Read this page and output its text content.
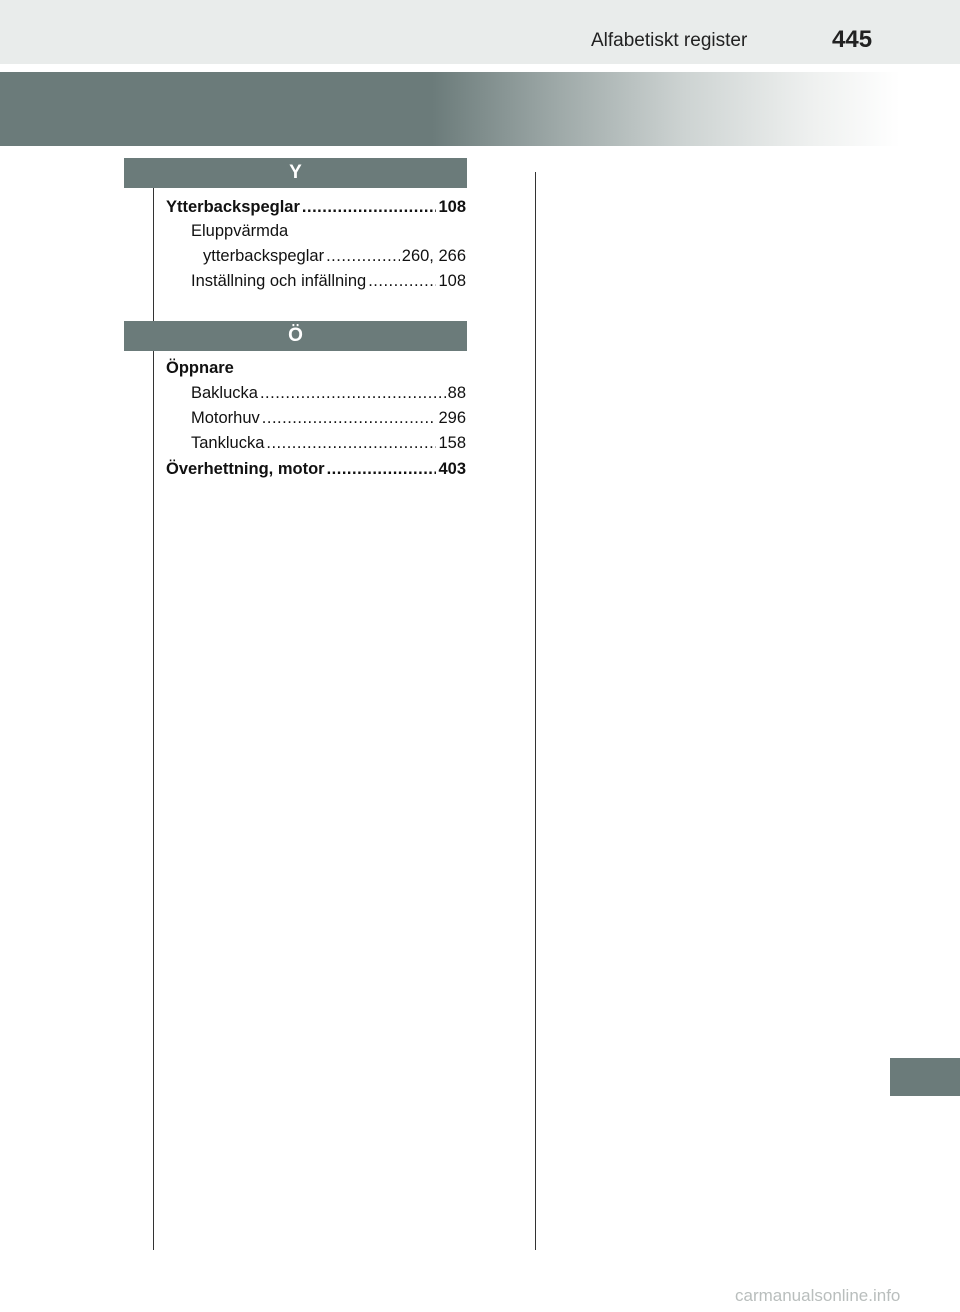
Alfabetiskt register	445
Y
Ytterbackspeglar .....	108
Eluppvärmda
ytterbackspeglar .....	260, 266
Inställning och infällning .....	108
Ö
Öppnare
Baklucka .....	88
Motorhuv .....	296
Tanklucka .....	158
Överhettning, motor .....	403
carmanualsonline.info
